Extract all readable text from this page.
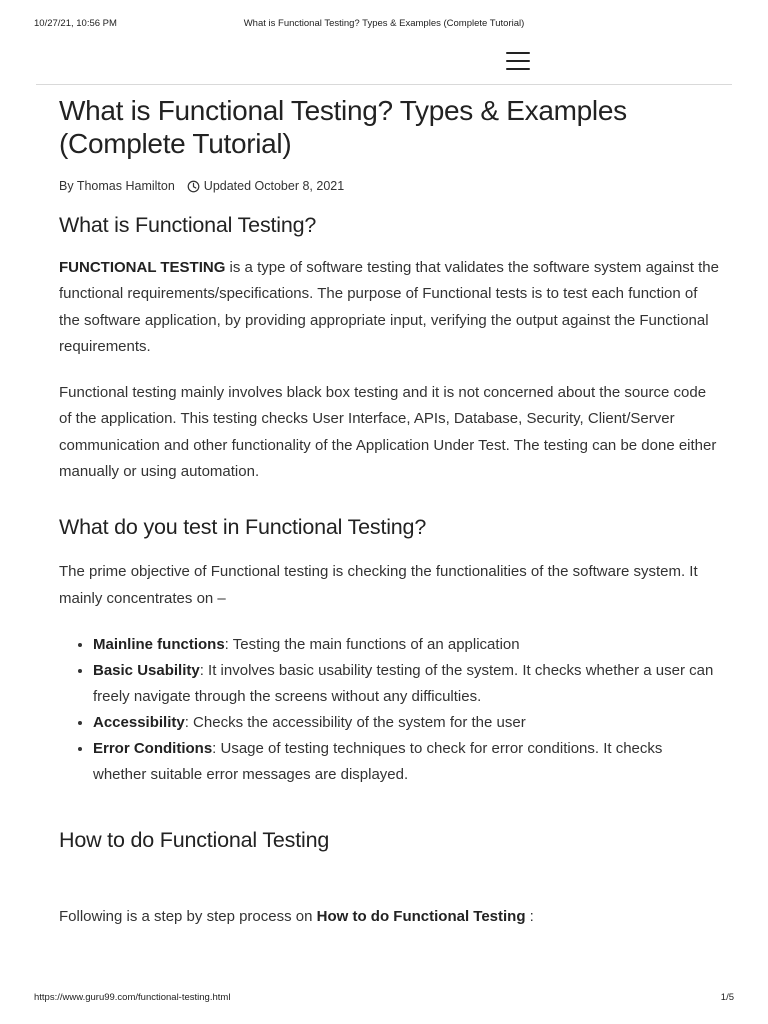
10/27/21, 10:56 PM	What is Functional Testing? Types & Examples (Complete Tutorial)
What is Functional Testing? Types & Examples (Complete Tutorial)
By Thomas Hamilton Updated October 8, 2021
What is Functional Testing?

FUNCTIONAL TESTING is a type of software testing that validates the software system against the functional requirements/specifications. The purpose of Functional tests is to test each function of the software application, by providing appropriate input, verifying the output against the Functional requirements.

Functional testing mainly involves black box testing and it is not concerned about the source code of the application. This testing checks User Interface, APIs, Database, Security, Client/Server communication and other functionality of the Application Under Test. The testing can be done either manually or using automation.

What do you test in Functional Testing?

The prime objective of Functional testing is checking the functionalities of the software system. It mainly concentrates on –

• Mainline functions: Testing the main functions of an application
• Basic Usability: It involves basic usability testing of the system. It checks whether a user can freely navigate through the screens without any difficulties.
• Accessibility: Checks the accessibility of the system for the user
• Error Conditions: Usage of testing techniques to check for error conditions. It checks whether suitable error messages are displayed.
How to do Functional Testing

Following is a step by step process on How to do Functional Testing :

https://www.guru99.com/functional-testing.html	1/5
